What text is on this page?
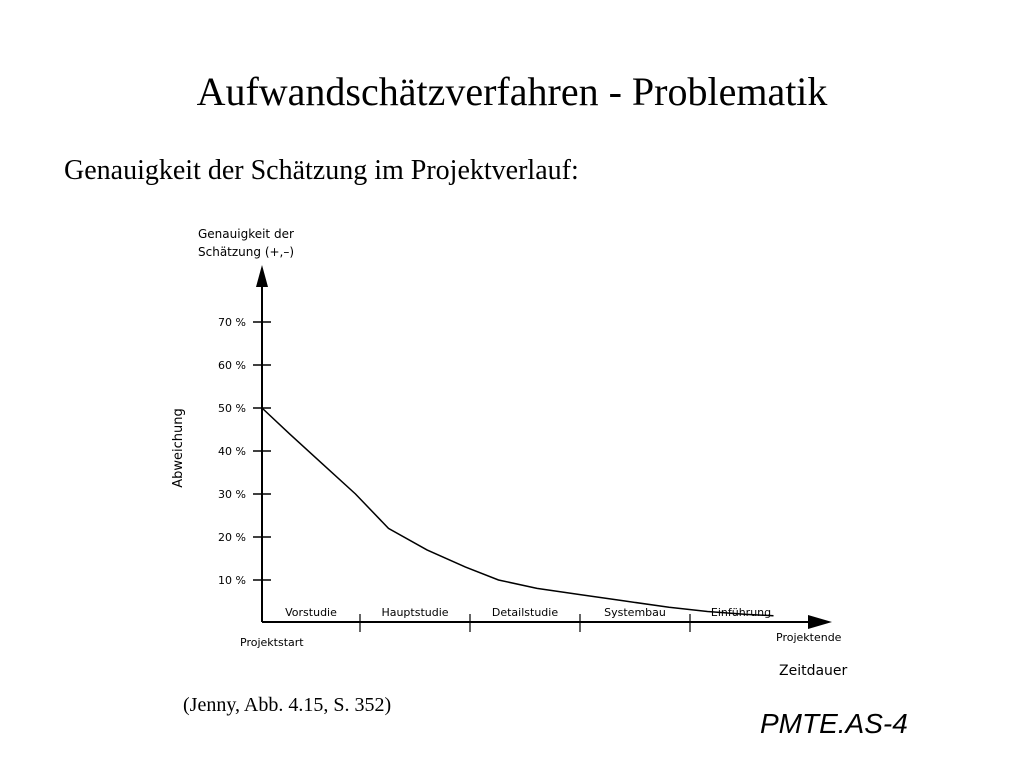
Aufwandschätzverfahren - Problematik
Genauigkeit der Schätzung im Projektverlauf:
10 %
20 %
30 %
40 %
50 %
60 %
70 %
Vorstudie	Hauptstudie	Detailstudie	Systembau	Einführung
Genauigkeit der
Schätzung (+,–)
Abweichung
Projektstart	Projektende
Zeitdauer
(Jenny, Abb. 4.15, S. 352)
PMTE.AS-4
